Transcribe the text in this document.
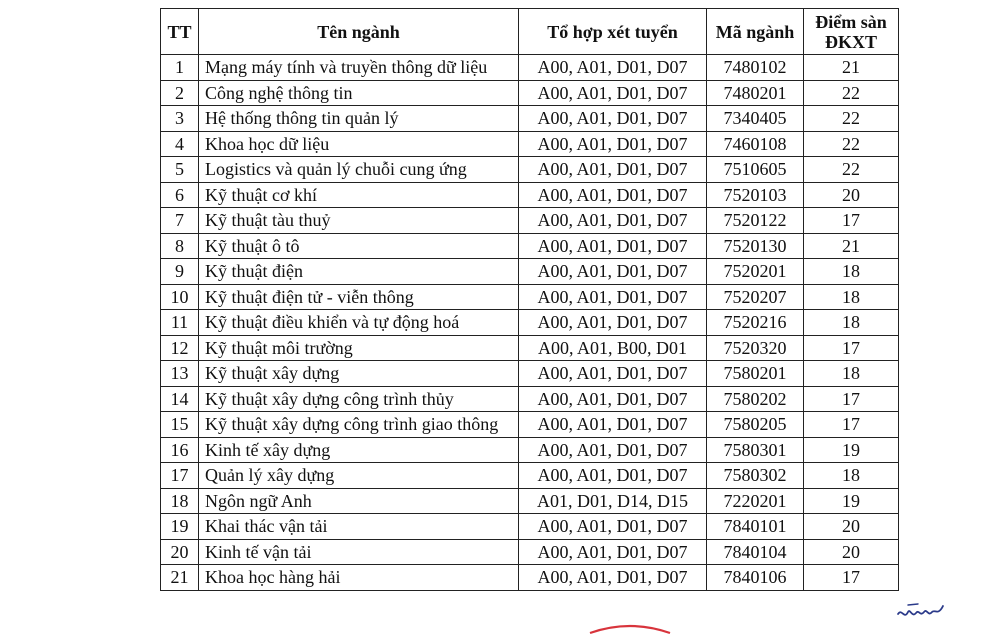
TT	Tên ngành	Tổ hợp xét tuyển	Mã ngành	Điểm sàn
ĐKXT
1	Mạng máy tính và truyền thông dữ liệu	A00, A01, D01, D07	7480102	21
2	Công nghệ thông tin	A00, A01, D01, D07	7480201	22
3	Hệ thống thông tin quản lý	A00, A01, D01, D07	7340405	22
4	Khoa học dữ liệu	A00, A01, D01, D07	7460108	22
5	Logistics và quản lý chuỗi cung ứng	A00, A01, D01, D07	7510605	22
6	Kỹ thuật cơ khí	A00, A01, D01, D07	7520103	20
7	Kỹ thuật tàu thuỷ	A00, A01, D01, D07	7520122	17
8	Kỹ thuật ô tô	A00, A01, D01, D07	7520130	21
9	Kỹ thuật điện	A00, A01, D01, D07	7520201	18
10	Kỹ thuật điện tử - viễn thông	A00, A01, D01, D07	7520207	18
11	Kỹ thuật điều khiển và tự động hoá	A00, A01, D01, D07	7520216	18
12	Kỹ thuật môi trường	A00, A01, B00, D01	7520320	17
13	Kỹ thuật xây dựng	A00, A01, D01, D07	7580201	18
14	Kỹ thuật xây dựng công trình thủy	A00, A01, D01, D07	7580202	17
15	Kỹ thuật xây dựng công trình giao thông	A00, A01, D01, D07	7580205	17
16	Kinh tế xây dựng	A00, A01, D01, D07	7580301	19
17	Quản lý xây dựng	A00, A01, D01, D07	7580302	18
18	Ngôn ngữ Anh	A01, D01, D14, D15	7220201	19
19	Khai thác vận tải	A00, A01, D01, D07	7840101	20
20	Kinh tế vận tải	A00, A01, D01, D07	7840104	20
21	Khoa học hàng hải	A00, A01, D01, D07	7840106	17
